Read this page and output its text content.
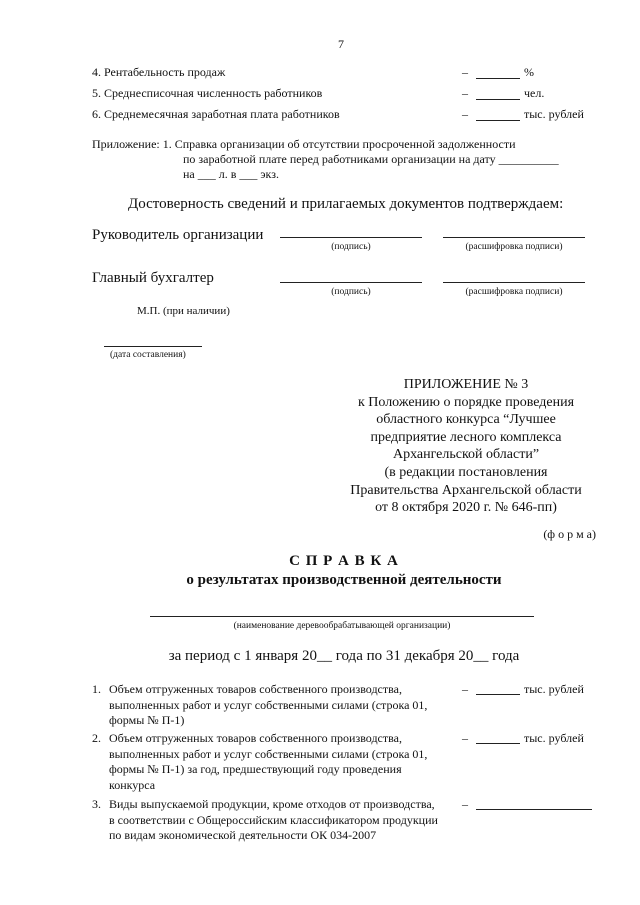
7
4. Рентабельность продаж	–	%
5. Среднесписочная численность работников	–	чел.
6. Среднемесячная заработная плата работников	–	тыс. рублей
Приложение: 1. Справка организации об отсутствии просроченной задолженности
по заработной плате перед работниками организации на дату __________
на ___ л. в ___ экз.
Достоверность сведений и прилагаемых документов подтверждаем:
Руководитель организации
(подпись)	(расшифровка подписи)
Главный бухгалтер
(подпись)	(расшифровка подписи)
М.П. (при наличии)
(дата составления)
ПРИЛОЖЕНИЕ № 3
к Положению о порядке проведения
областного конкурса “Лучшее
предприятие лесного комплекса
Архангельской области”
(в редакции постановления
Правительства Архангельской области
от 8 октября 2020 г. № 646-пп)
(ф о р м а)
С П Р А В К А
о результатах производственной деятельности
(наименование деревообрабатывающей организации)
за период с 1 января 20__ года по 31 декабря 20__ года
1. Объем отгруженных товаров собственного производства,
выполненных работ и услуг собственными силами (строка 01,
формы № П-1)
–	тыс. рублей
2. Объем отгруженных товаров собственного производства,
выполненных работ и услуг собственными силами (строка 01,
формы № П-1) за год, предшествующий году проведения
конкурса
–	тыс. рублей
3. Виды выпускаемой продукции, кроме отходов от производства,
в соответствии с Общероссийским классификатором продукции
по видам экономической деятельности ОК 034-2007
–
